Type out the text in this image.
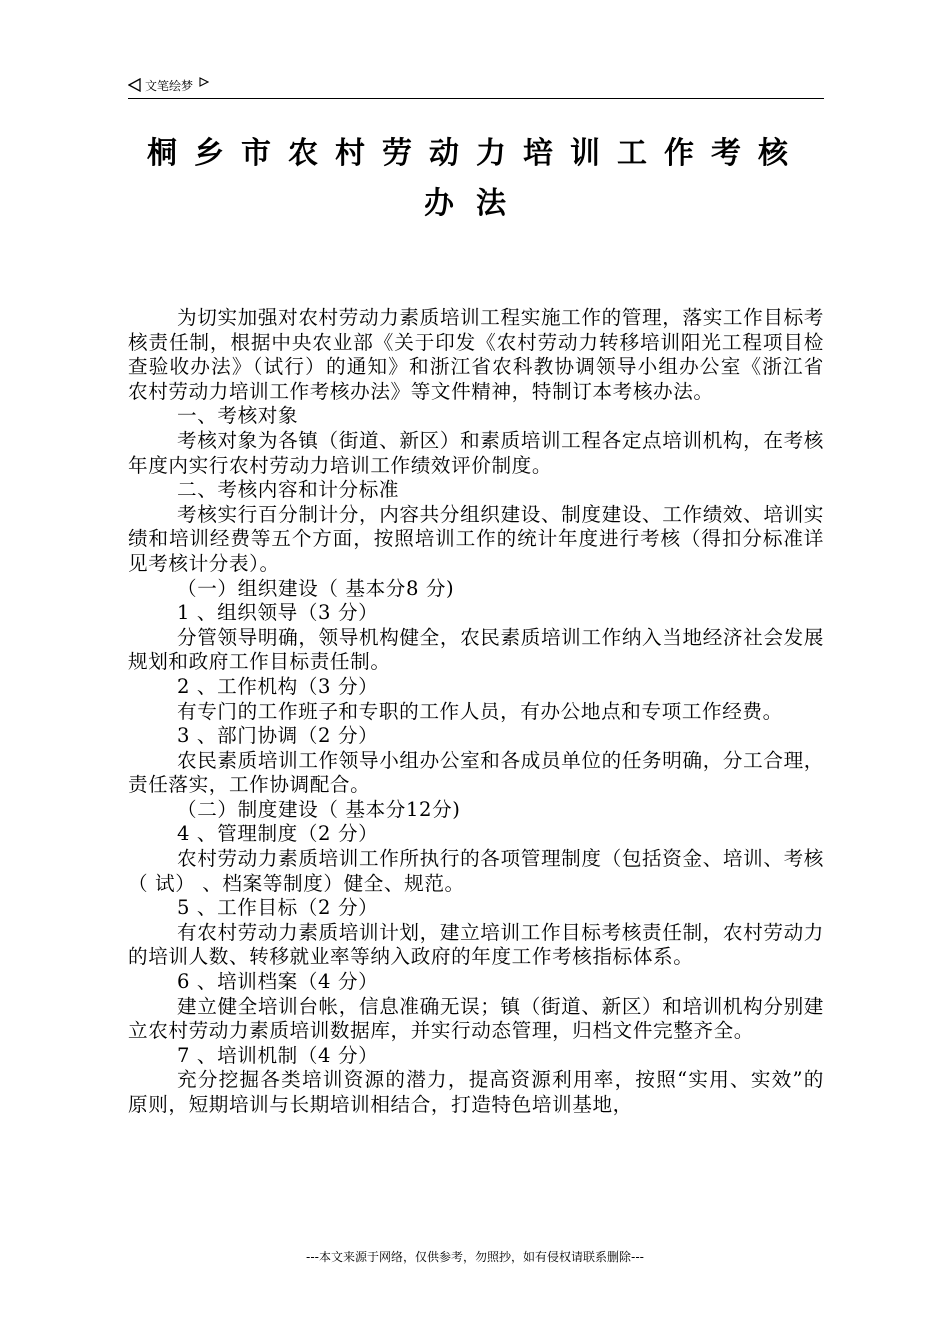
文笔绘梦
桐乡市农村劳动力培训工作考核
办法

为切实加强对农村劳动力素质培训工程实施工作的管理，落实工作目标考核责任制，根据中央农业部《关于印发《农村劳动力转移培训阳光工程项目检查验收办法》（试行）的通知》和浙江省农科教协调领导小组办公室《浙江省农村劳动力培训工作考核办法》等文件精神，特制订本考核办法。

一、考核对象

考核对象为各镇（街道、新区）和素质培训工程各定点培训机构，在考核年度内实行农村劳动力培训工作绩效评价制度。

二、考核内容和计分标准

考核实行百分制计分，内容共分组织建设、制度建设、工作绩效、培训实绩和培训经费等五个方面，按照培训工作的统计年度进行考核（得扣分标准详见考核计分表）。

（一）组织建设（ 基本分8 分)

1 、组织领导（3 分）

分管领导明确，领导机构健全，农民素质培训工作纳入当地经济社会发展规划和政府工作目标责任制。

2 、工作机构（3 分）

有专门的工作班子和专职的工作人员，有办公地点和专项工作经费。

3 、部门协调（2 分）

农民素质培训工作领导小组办公室和各成员单位的任务明确，分工合理，责任落实，工作协调配合。

（二）制度建设（ 基本分12分)

4 、管理制度（2 分）

农村劳动力素质培训工作所执行的各项管理制度（包括资金、培训、考核（ 试） 、档案等制度）健全、规范。

5 、工作目标（2 分）

有农村劳动力素质培训计划，建立培训工作目标考核责任制，农村劳动力的培训人数、转移就业率等纳入政府的年度工作考核指标体系。

6 、培训档案（4 分）

建立健全培训台帐，信息准确无误；镇（街道、新区）和培训机构分别建立农村劳动力素质培训数据库，并实行动态管理，归档文件完整齐全。

7 、培训机制（4 分）

充分挖掘各类培训资源的潜力，提高资源利用率，按照“实用、实效”的原则，短期培训与长期培训相结合，打造特色培训基地，

---本文来源于网络，仅供参考，勿照抄，如有侵权请联系删除---
